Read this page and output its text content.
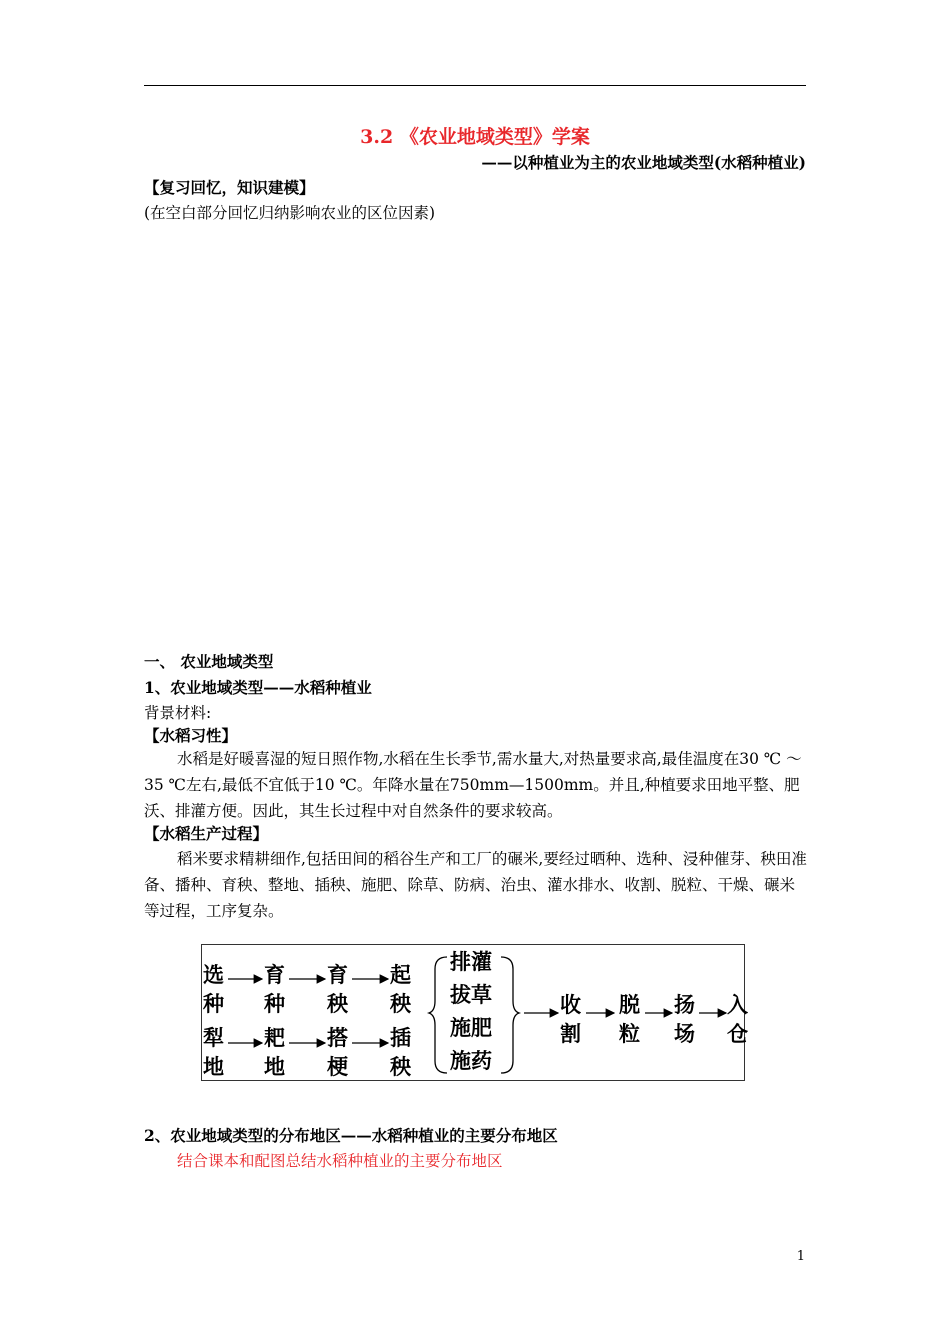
3.2 《农业地域类型》学案
——以种植业为主的农业地域类型(水稻种植业)
【复习回忆，知识建模】
(在空白部分回忆归纳影响农业的区位因素)
一、 农业地域类型
1、农业地域类型——水稻种植业
背景材料:
【水稻习性】
水稻是好暖喜湿的短日照作物,水稻在生长季节,需水量大,对热量要求高,最佳温度在30 ℃ ～35 ℃左右,最低不宜低于10 ℃。年降水量在750mm—1500mm。并且,种植要求田地平整、肥沃、排灌方便。因此，其生长过程中对自然条件的要求较高。
【水稻生产过程】
稻米要求精耕细作,包括田间的稻谷生产和工厂的碾米,要经过晒种、选种、浸种催芽、秧田准备、播种、育秧、整地、插秧、施肥、除草、防病、治虫、灌水排水、收割、脱粒、干燥、碾米等过程，工序复杂。
选
种
育
种
育
秧
起
秧
犁
地
耙
地
搭
梗
插
秧
排灌
拔草
施肥
施药
收
割
脱
粒
扬
场
入
仓
2、农业地域类型的分布地区——水稻种植业的主要分布地区
结合课本和配图总结水稻种植业的主要分布地区
1
